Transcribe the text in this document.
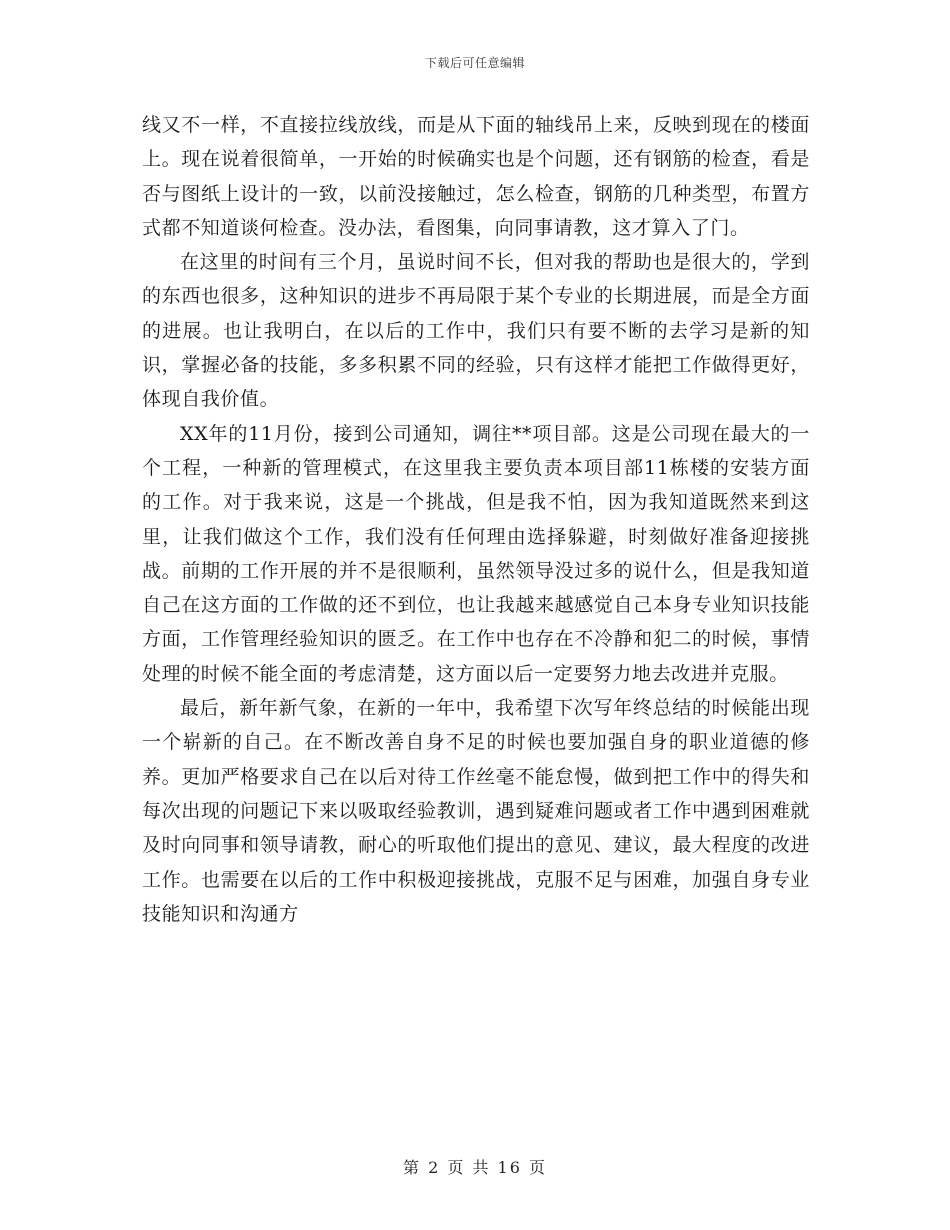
下载后可任意编辑

线又不一样，不直接拉线放线，而是从下面的轴线吊上来，反映到现在的楼面上。现在说着很简单，一开始的时候确实也是个问题，还有钢筋的检查，看是否与图纸上设计的一致，以前没接触过，怎么检查，钢筋的几种类型，布置方式都不知道谈何检查。没办法，看图集，向同事请教，这才算入了门。

在这里的时间有三个月，虽说时间不长，但对我的帮助也是很大的，学到的东西也很多，这种知识的进步不再局限于某个专业的长期进展，而是全方面的进展。也让我明白，在以后的工作中，我们只有要不断的去学习是新的知识，掌握必备的技能，多多积累不同的经验，只有这样才能把工作做得更好，体现自我价值。

XX年的11月份，接到公司通知，调往**项目部。这是公司现在最大的一个工程，一种新的管理模式，在这里我主要负责本项目部11栋楼的安装方面的工作。对于我来说，这是一个挑战，但是我不怕，因为我知道既然来到这里，让我们做这个工作，我们没有任何理由选择躲避，时刻做好准备迎接挑战。前期的工作开展的并不是很顺利，虽然领导没过多的说什么，但是我知道自己在这方面的工作做的还不到位，也让我越来越感觉自己本身专业知识技能方面，工作管理经验知识的匮乏。在工作中也存在不冷静和犯二的时候，事情处理的时候不能全面的考虑清楚，这方面以后一定要努力地去改进并克服。

最后，新年新气象，在新的一年中，我希望下次写年终总结的时候能出现一个崭新的自己。在不断改善自身不足的时候也要加强自身的职业道德的修养。更加严格要求自己在以后对待工作丝毫不能怠慢，做到把工作中的得失和每次出现的问题记下来以吸取经验教训，遇到疑难问题或者工作中遇到困难就及时向同事和领导请教，耐心的听取他们提出的意见、建议，最大程度的改进工作。也需要在以后的工作中积极迎接挑战，克服不足与困难，加强自身专业技能知识和沟通方

第 2 页 共 16 页
